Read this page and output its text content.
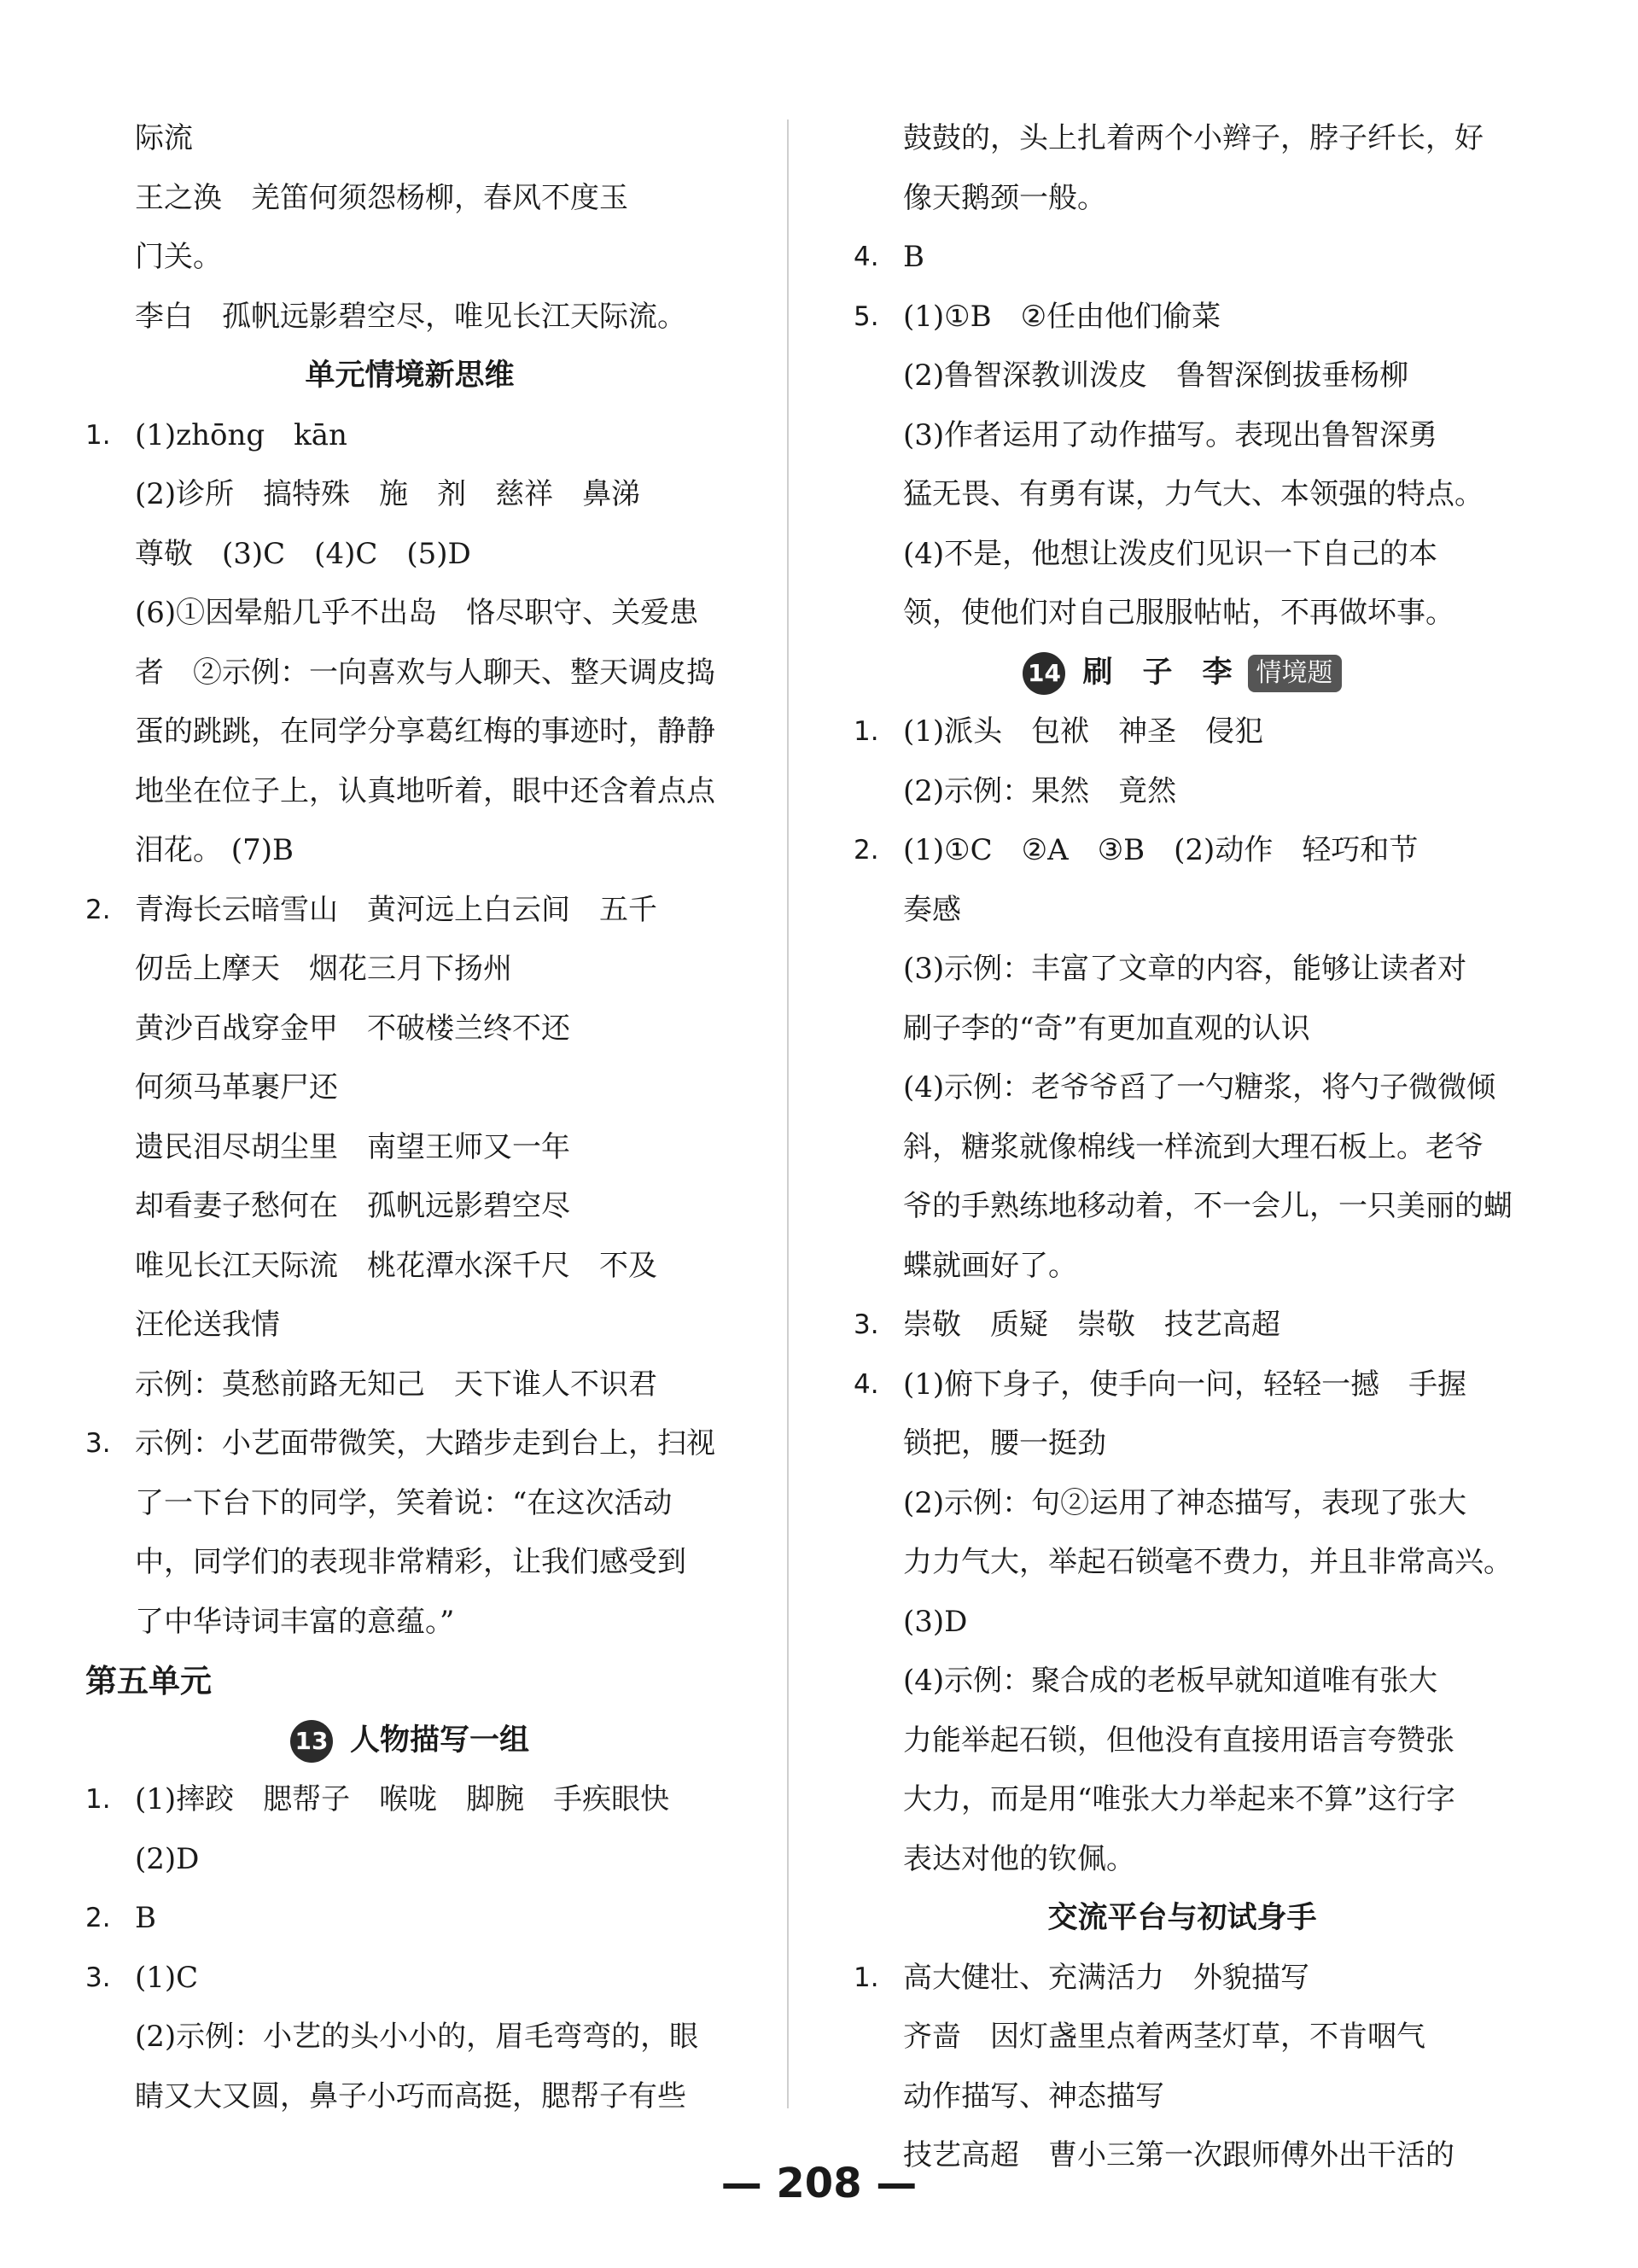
际流
王之涣　羌笛何须怨杨柳，春风不度玉
门关。
李白　孤帆远影碧空尽，唯见长江天际流。
单元情境新思维
1. (1)zhōng　kān
(2)诊所　搞特殊　施　剂　慈祥　鼻涕
尊敬　(3)C　(4)C　(5)D
(6)①因晕船几乎不出岛　恪尽职守、关爱患
者　②示例：一向喜欢与人聊天、整天调皮捣
蛋的跳跳，在同学分享葛红梅的事迹时，静静
地坐在位子上，认真地听着，眼中还含着点点
泪花。 (7)B
2. 青海长云暗雪山　黄河远上白云间　五千
仞岳上摩天　烟花三月下扬州
黄沙百战穿金甲　不破楼兰终不还
何须马革裹尸还
遗民泪尽胡尘里　南望王师又一年
却看妻子愁何在　孤帆远影碧空尽
唯见长江天际流　桃花潭水深千尺　不及
汪伦送我情
示例：莫愁前路无知己　天下谁人不识君
3. 示例：小艺面带微笑，大踏步走到台上，扫视
了一下台下的同学，笑着说：“在这次活动
中，同学们的表现非常精彩，让我们感受到
了中华诗词丰富的意蕴。”
第五单元
13 人物描写一组
1. (1)摔跤　腮帮子　喉咙　脚腕　手疾眼快
(2)D
2. B
3. (1)C
(2)示例：小艺的头小小的，眉毛弯弯的，眼
睛又大又圆，鼻子小巧而高挺，腮帮子有些
鼓鼓的，头上扎着两个小辫子，脖子纤长，好
像天鹅颈一般。
4. B
5. (1)①B　②任由他们偷菜
(2)鲁智深教训泼皮　鲁智深倒拔垂杨柳
(3)作者运用了动作描写。表现出鲁智深勇
猛无畏、有勇有谋，力气大、本领强的特点。
(4)不是，他想让泼皮们见识一下自己的本
领，使他们对自己服服帖帖，不再做坏事。
14 刷　子　李 情境题
1. (1)派头　包袱　神圣　侵犯
(2)示例：果然　竟然
2. (1)①C　②A　③B　(2)动作　轻巧和节
奏感
(3)示例：丰富了文章的内容，能够让读者对
刷子李的“奇”有更加直观的认识
(4)示例：老爷爷舀了一勺糖浆，将勺子微微倾
斜，糖浆就像棉线一样流到大理石板上。老爷
爷的手熟练地移动着，不一会儿，一只美丽的蝴
蝶就画好了。
3. 崇敬　质疑　崇敬　技艺高超
4. (1)俯下身子，使手向一问，轻轻一撼　手握
锁把，腰一挺劲
(2)示例：句②运用了神态描写，表现了张大
力力气大，举起石锁毫不费力，并且非常高兴。
(3)D
(4)示例：聚合成的老板早就知道唯有张大
力能举起石锁，但他没有直接用语言夸赞张
大力，而是用“唯张大力举起来不算”这行字
表达对他的钦佩。
交流平台与初试身手
1. 高大健壮、充满活力　外貌描写
齐啬　因灯盏里点着两茎灯草，不肯咽气
动作描写、神态描写
技艺高超　曹小三第一次跟师傅外出干活的
— 208 —
